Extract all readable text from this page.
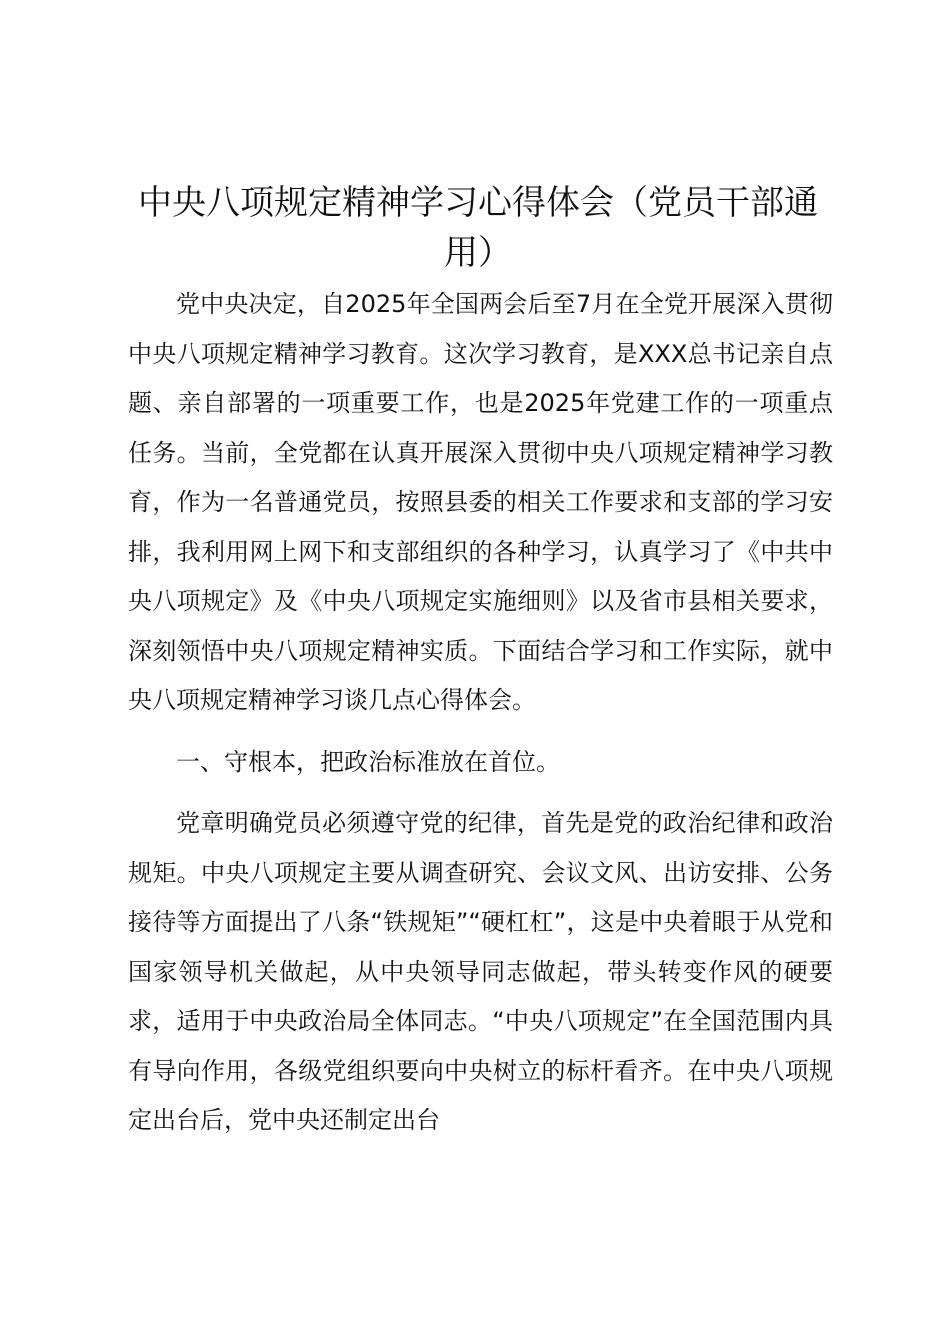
中央八项规定精神学习心得体会（党员干部通用）

党中央决定，自2025年全国两会后至7月在全党开展深入贯彻中央八项规定精神学习教育。这次学习教育，是XXX总书记亲自点题、亲自部署的一项重要工作，也是2025年党建工作的一项重点任务。当前，全党都在认真开展深入贯彻中央八项规定精神学习教育，作为一名普通党员，按照县委的相关工作要求和支部的学习安排，我利用网上网下和支部组织的各种学习，认真学习了《中共中央八项规定》及《中央八项规定实施细则》以及省市县相关要求，深刻领悟中央八项规定精神实质。下面结合学习和工作实际，就中央八项规定精神学习谈几点心得体会。

一、守根本，把政治标准放在首位。

党章明确党员必须遵守党的纪律，首先是党的政治纪律和政治规矩。中央八项规定主要从调查研究、会议文风、出访安排、公务接待等方面提出了八条“铁规矩”“硬杠杠”，这是中央着眼于从党和国家领导机关做起，从中央领导同志做起，带头转变作风的硬要求，适用于中央政治局全体同志。“中央八项规定”在全国范围内具有导向作用，各级党组织要向中央树立的标杆看齐。在中央八项规定出台后，党中央还制定出台
